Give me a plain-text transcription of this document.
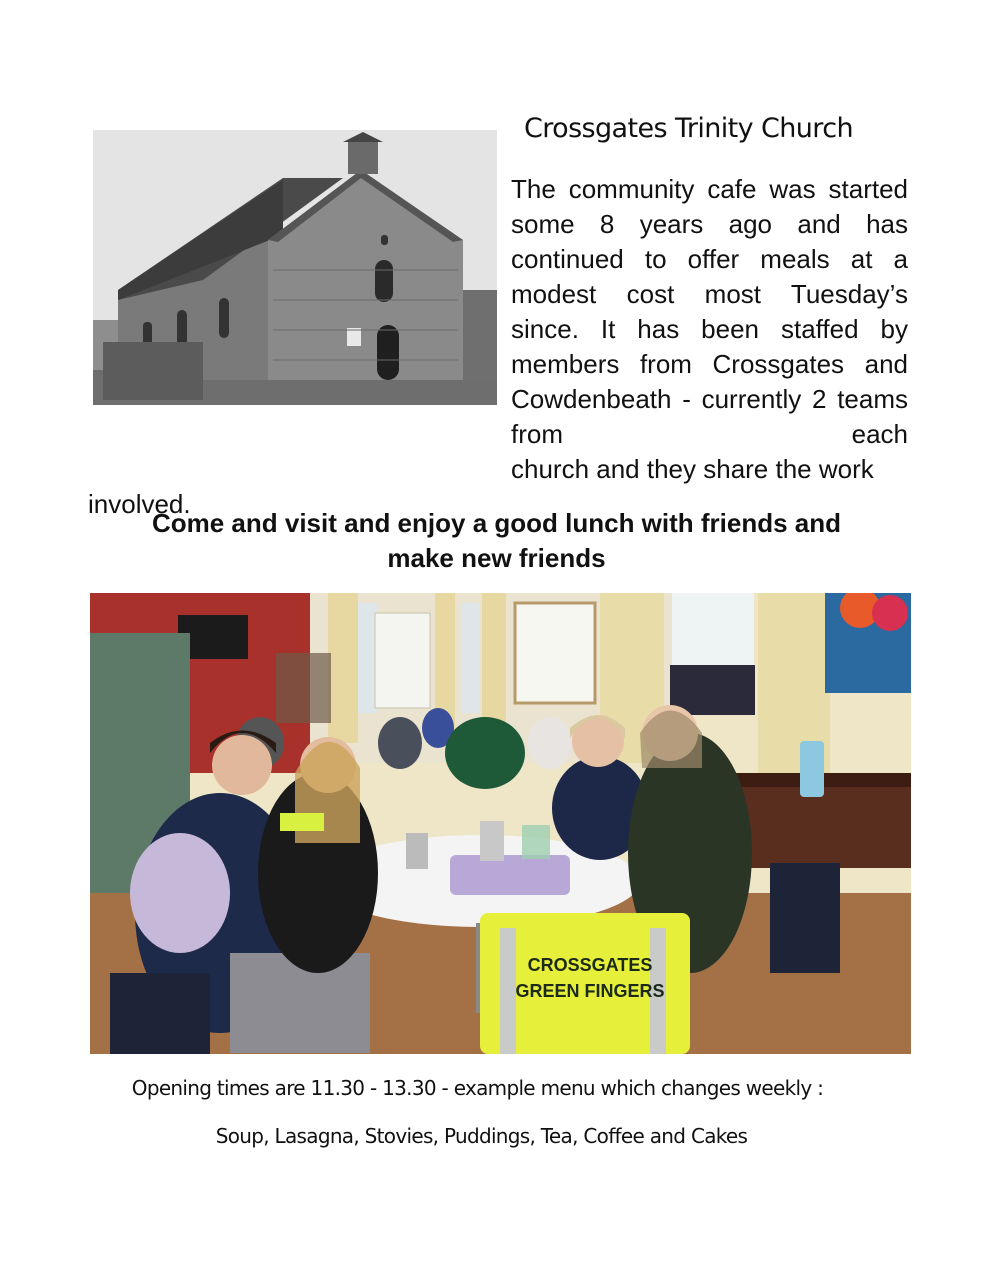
Crossgates Trinity Church
The community cafe was started some 8 years ago and has continued to offer meals at a modest cost most Tuesday’s since. It has been staffed by members from Crossgates and Cowdenbeath - currently 2 teams from each
church and they share the work involved.
Come and visit and enjoy a good lunch with friends and
make new friends
CROSSGATES
GREEN FINGERS

Opening times are 11.30 - 13.30 - example menu which changes weekly :

Soup, Lasagna, Stovies, Puddings, Tea, Coffee and Cakes
